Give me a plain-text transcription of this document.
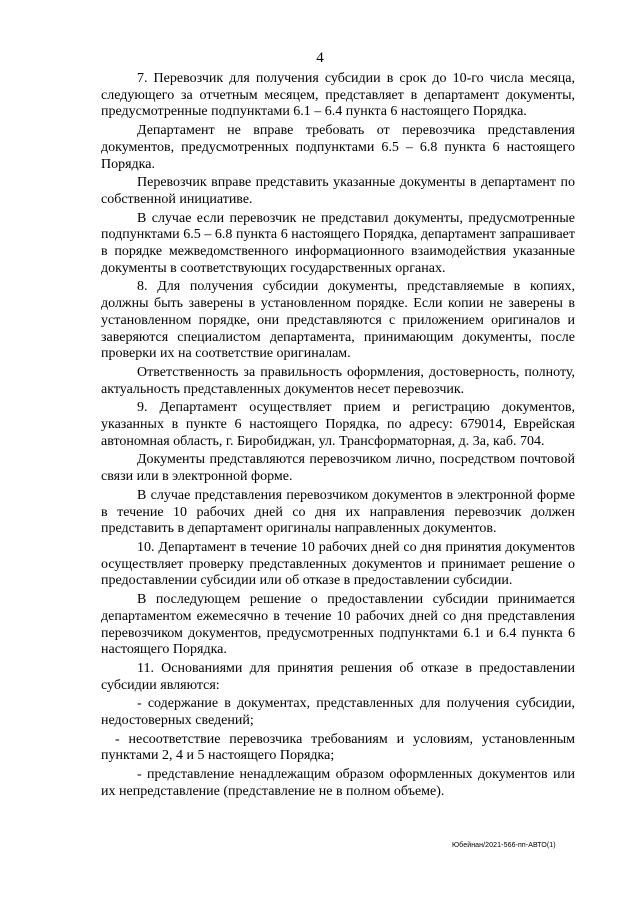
4

7. Перевозчик для получения субсидии в срок до 10-го числа месяца, следующего за отчетным месяцем, представляет в департамент документы, предусмотренные подпунктами 6.1 – 6.4 пункта 6 настоящего Порядка.

Департамент не вправе требовать от перевозчика представления документов, предусмотренных подпунктами 6.5 – 6.8 пункта 6 настоящего Порядка.

Перевозчик вправе представить указанные документы в департамент по собственной инициативе.

В случае если перевозчик не представил документы, предусмотренные подпунктами 6.5 – 6.8 пункта 6 настоящего Порядка, департамент запрашивает в порядке межведомственного информационного взаимодействия указанные документы в соответствующих государственных органах.

8. Для получения субсидии документы, представляемые в копиях, должны быть заверены в установленном порядке. Если копии не заверены в установленном порядке, они представляются с приложением оригиналов и заверяются специалистом департамента, принимающим документы, после проверки их на соответствие оригиналам.

Ответственность за правильность оформления, достоверность, полноту, актуальность представленных документов несет перевозчик.

9. Департамент осуществляет прием и регистрацию документов, указанных в пункте 6 настоящего Порядка, по адресу: 679014, Еврейская автономная область, г. Биробиджан, ул. Трансформаторная, д. 3а, каб. 704.

Документы представляются перевозчиком лично, посредством почтовой связи или в электронной форме.

В случае представления перевозчиком документов в электронной форме в течение 10 рабочих дней со дня их направления перевозчик должен представить в департамент оригиналы направленных документов.

10. Департамент в течение 10 рабочих дней со дня принятия документов осуществляет проверку представленных документов и принимает решение о предоставлении субсидии или об отказе в предоставлении субсидии.

В последующем решение о предоставлении субсидии принимается департаментом ежемесячно в течение 10 рабочих дней со дня представления перевозчиком документов, предусмотренных подпунктами 6.1 и 6.4 пункта 6 настоящего Порядка.

11. Основаниями для принятия решения об отказе в предоставлении субсидии являются:

- содержание в документах, представленных для получения субсидии, недостоверных сведений;

- несоответствие перевозчика требованиям и условиям, установленным пунктами 2, 4 и 5 настоящего Порядка;

- представление ненадлежащим образом оформленных документов или их непредставление (представление не в полном объеме).

Юбейнан/2021-566-пп-АВТО(1)
